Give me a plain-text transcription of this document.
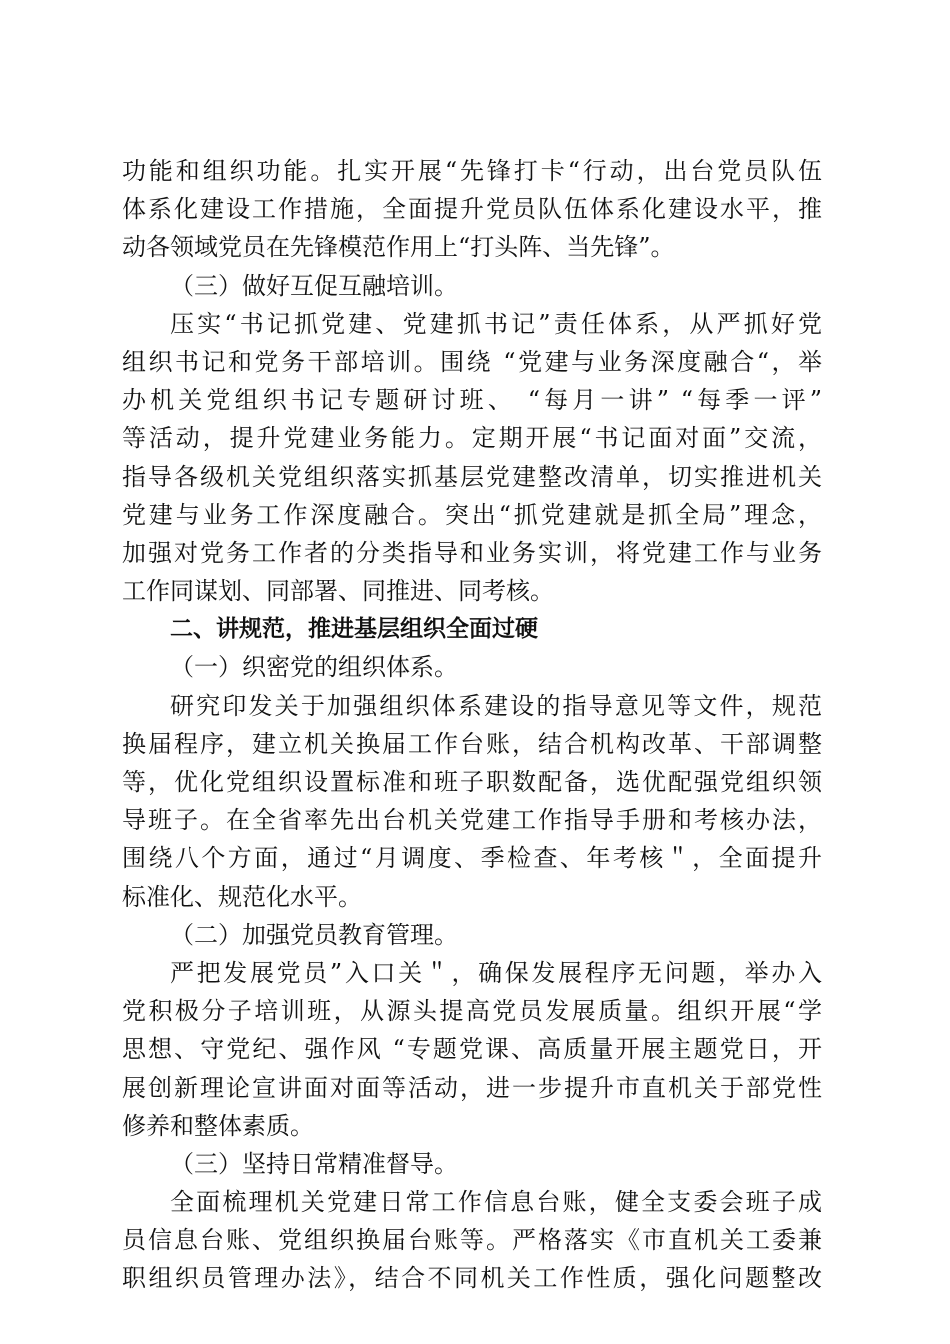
功能和组织功能。扎实开展“先锋打卡“行动，出台党员队伍
体系化建设工作措施，全面提升党员队伍体系化建设水平，推
动各领域党员在先锋模范作用上“打头阵、当先锋”。
（三）做好互促互融培训。
压实“书记抓党建、党建抓书记”责任体系，从严抓好党
组织书记和党务干部培训。围绕 “党建与业务深度融合“，举
办机关党组织书记专题研讨班、 “每月一讲” “每季一评”
等活动，提升党建业务能力。定期开展“书记面对面”交流，
指导各级机关党组织落实抓基层党建整改清单，切实推进机关
党建与业务工作深度融合。突出“抓党建就是抓全局”理念，
加强对党务工作者的分类指导和业务实训，将党建工作与业务
工作同谋划、同部署、同推进、同考核。
二、讲规范，推进基层组织全面过硬
（一）织密党的组织体系。
研究印发关于加强组织体系建设的指导意见等文件，规范
换届程序，建立机关换届工作台账，结合机构改革、干部调整
等，优化党组织设置标准和班子职数配备，选优配强党组织领
导班子。在全省率先出台机关党建工作指导手册和考核办法，
围绕八个方面，通过“月调度、季检查、年考核＂，全面提升
标准化、规范化水平。
（二）加强党员教育管理。
严把发展党员”入口关＂，确保发展程序无问题，举办入
党积极分子培训班，从源头提高党员发展质量。组织开展“学
思想、守党纪、强作风 “专题党课、高质量开展主题党日，开
展创新理论宣讲面对面等活动，进一步提升市直机关于部党性
修养和整体素质。
（三）坚持日常精准督导。
全面梳理机关党建日常工作信息台账，健全支委会班子成
员信息台账、党组织换届台账等。严格落实《市直机关工委兼
职组织员管理办法》，结合不同机关工作性质，强化问题整改
